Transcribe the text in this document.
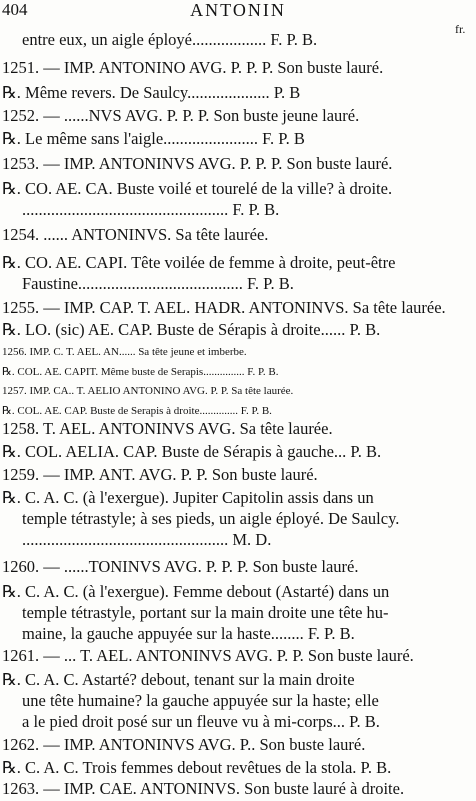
404	ANTONIN
fr.
entre eux, un aigle éployé.................. F. P. B.
1251. — IMP. ANTONINO AVG. P. P. P. Son buste lauré.
℞. Même revers. De Saulcy.................... P. B
1252. — ......NVS AVG. P. P. P. Son buste jeune lauré.
℞. Le même sans l'aigle....................... F. P. B
1253. — IMP. ANTONINVS AVG. P. P. P. Son buste lauré.
℞. CO. AE. CA. Buste voilé et tourelé de la ville? à droite.
.................................................. F. P. B.
1254. ...... ANTONINVS. Sa tête laurée.
℞. CO. AE. CAPI. Tête voilée de femme à droite, peut-être
Faustine........................................ F. P. B.
1255. — IMP. CAP. T. AEL. HADR. ANTONINVS. Sa tête laurée.
℞. LO. (sic) AE. CAP. Buste de Sérapis à droite...... P. B.
1256. IMP. C. T. AEL. AN...... Sa tête jeune et imberbe.
℞. COL. AE. CAPIT. Même buste de Serapis............... F. P. B.
1257. IMP. CA.. T. AELIO ANTONINO AVG. P. P. Sa tête laurée.
℞. COL. AE. CAP. Buste de Serapis à droite.............. F. P. B.
1258. T. AEL. ANTONINVS AVG. Sa tête laurée.
℞. COL. AELIA. CAP. Buste de Sérapis à gauche... P. B.
1259. — IMP. ANT. AVG. P. P. Son buste lauré.
℞. C. A. C. (à l'exergue). Jupiter Capitolin assis dans un
temple tétrastyle; à ses pieds, un aigle éployé. De Saulcy.
.................................................. M. D.
1260. — ......TONINVS AVG. P. P. P. Son buste lauré.
℞. C. A. C. (à l'exergue). Femme debout (Astarté) dans un
temple tétrastyle, portant sur la main droite une tête hu-
maine, la gauche appuyée sur la haste........ F. P. B.
1261. — ... T. AEL. ANTONINVS AVG. P. P. Son buste lauré.
℞. C. A. C. Astarté? debout, tenant sur la main droite
une tête humaine? la gauche appuyée sur la haste; elle
a le pied droit posé sur un fleuve vu à mi-corps... P. B.
1262. — IMP. ANTONINVS AVG. P.. Son buste lauré.
℞. C. A. C. Trois femmes debout revêtues de la stola. P. B.
1263. — IMP. CAE. ANTONINVS. Son buste lauré à droite.
